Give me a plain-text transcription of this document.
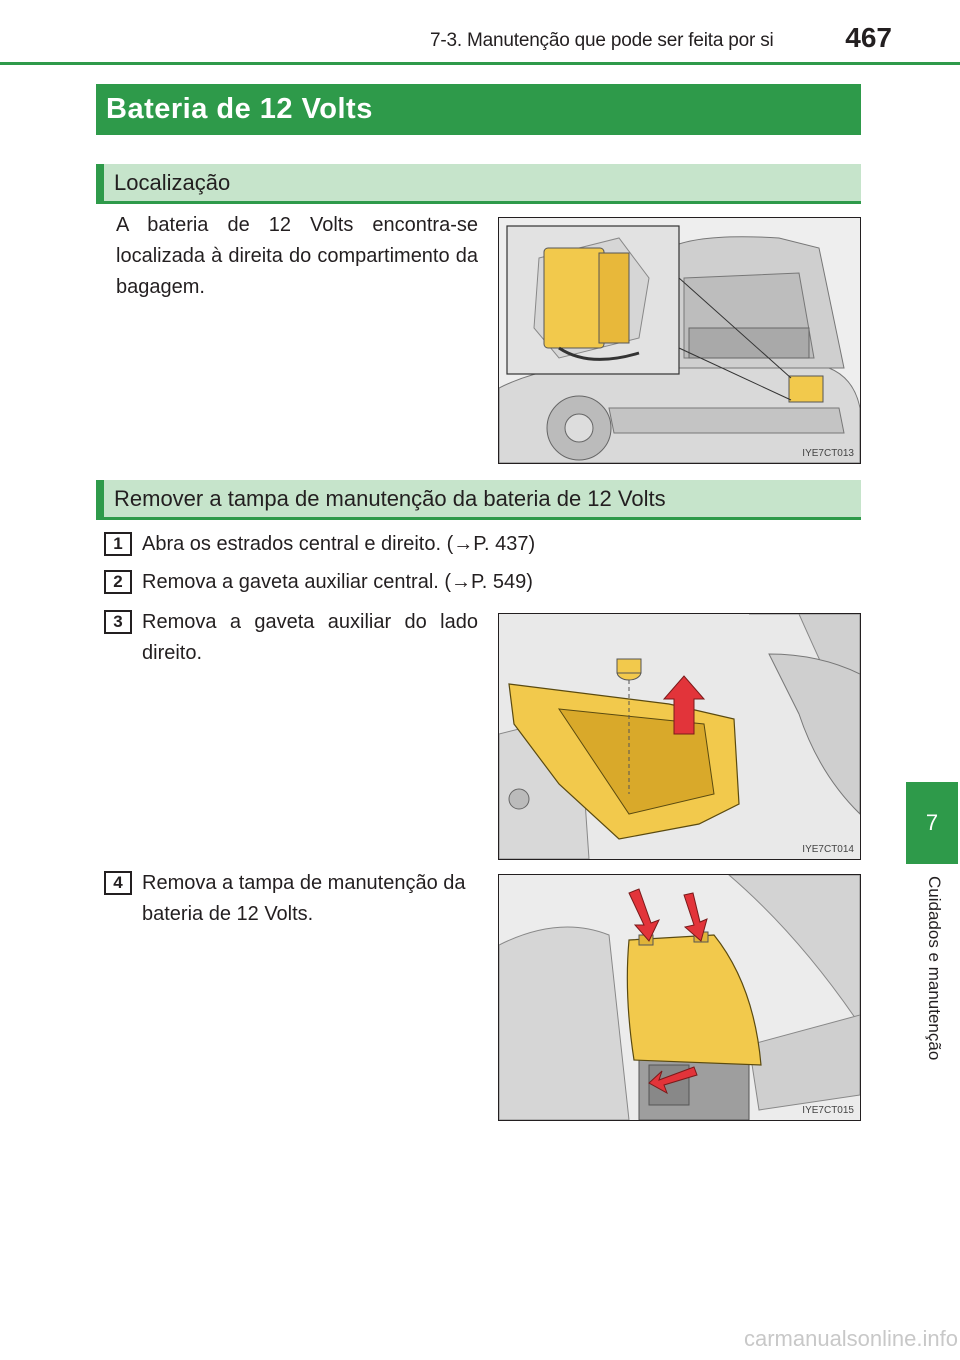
7-3. Manutenção que pode ser feita por si	467
7
Cuidados e manutenção
Bateria de 12 Volts
Localização
A bateria de 12 Volts encontra-se localizada à direita do compartimento da bagagem.
IYE7CT013
Remover a tampa de manutenção da bateria de 12 Volts
1 Abra os estrados central e direito. (→P. 437)
2 Remova a gaveta auxiliar central. (→P. 549)
3 Remova a gaveta auxiliar do lado direito.
IYE7CT014
4 Remova a tampa de manutenção da bateria de 12 Volts.
IYE7CT015
carmanualsonline.info
